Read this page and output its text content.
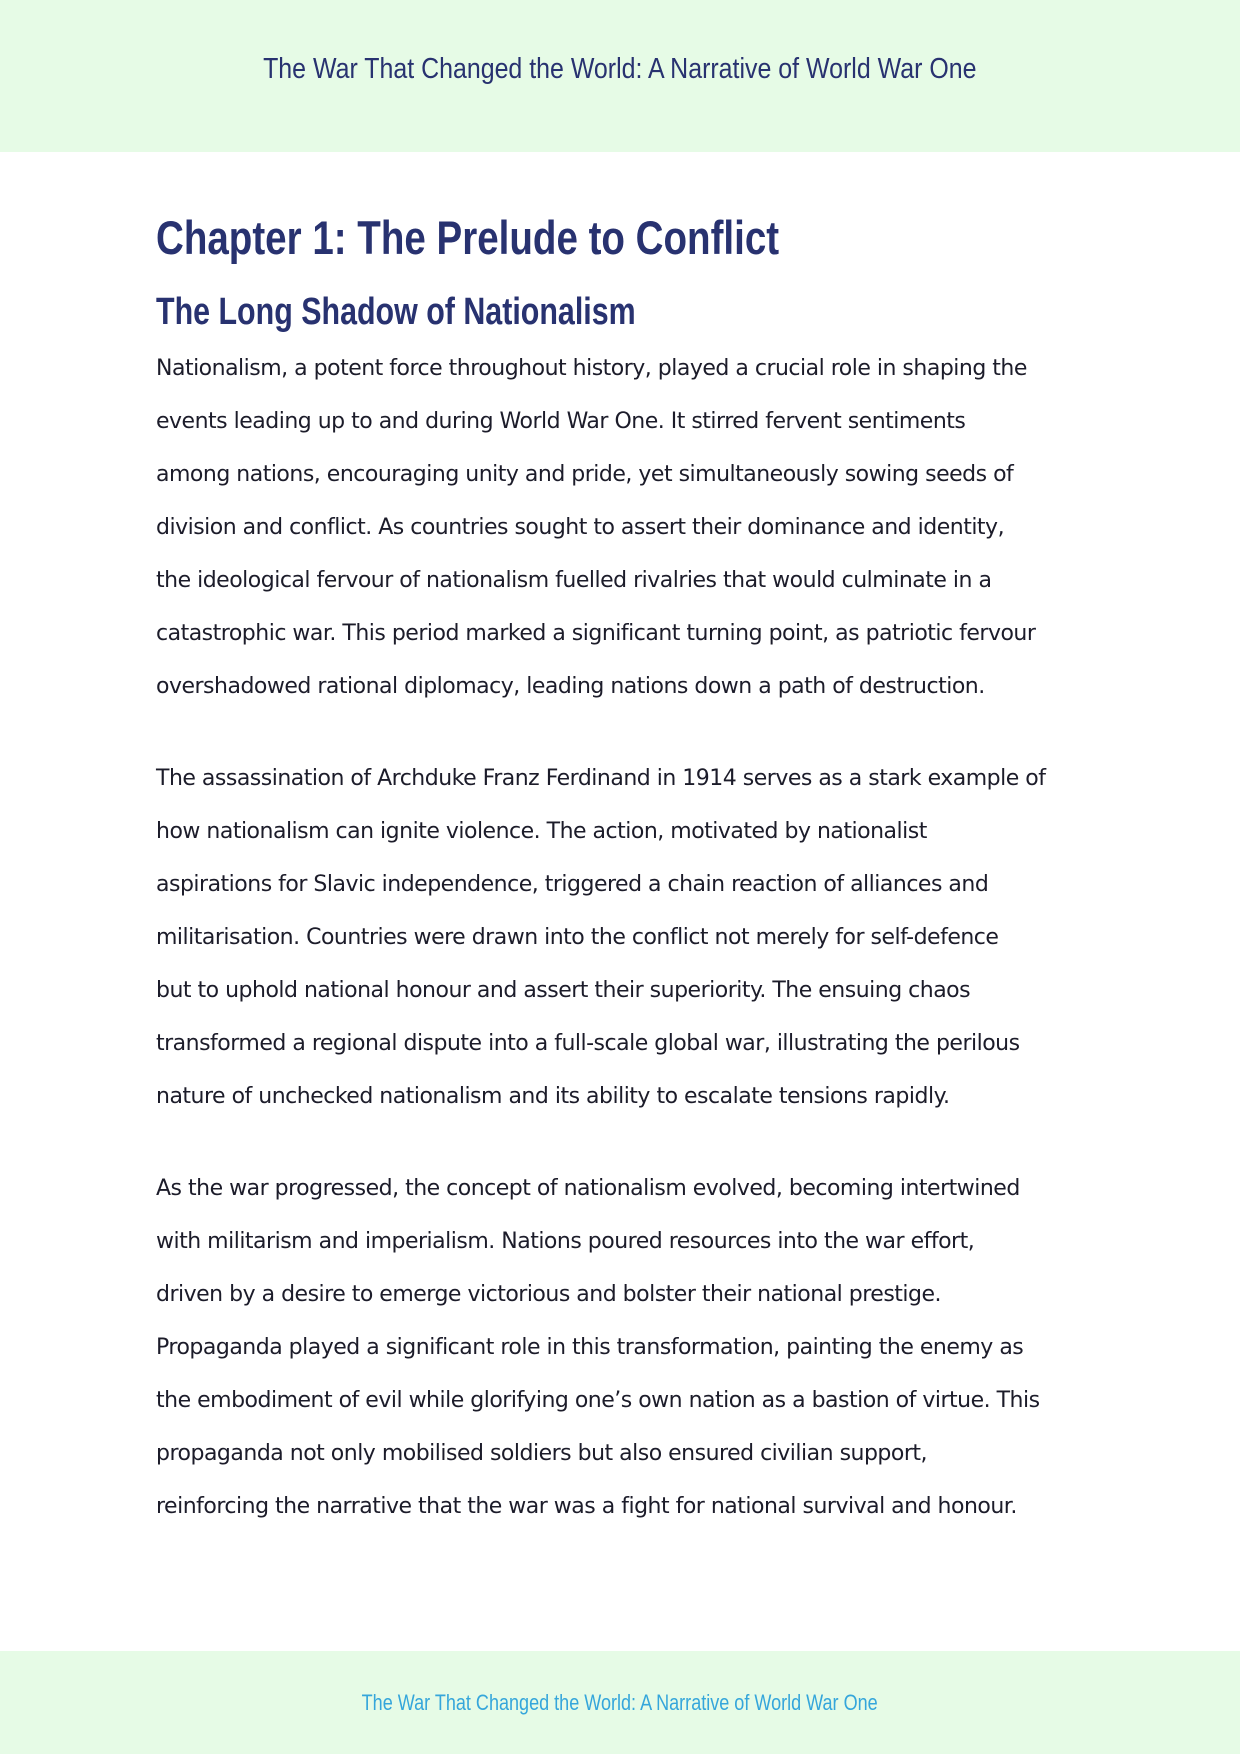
The War That Changed the World: A Narrative of World War One
Chapter 1: The Prelude to Conflict
The Long Shadow of Nationalism

Nationalism, a potent force throughout history, played a crucial role in shaping the
events leading up to and during World War One. It stirred fervent sentiments
among nations, encouraging unity and pride, yet simultaneously sowing seeds of
division and conflict. As countries sought to assert their dominance and identity,
the ideological fervour of nationalism fuelled rivalries that would culminate in a
catastrophic war. This period marked a significant turning point, as patriotic fervour
overshadowed rational diplomacy, leading nations down a path of destruction.

The assassination of Archduke Franz Ferdinand in 1914 serves as a stark example of
how nationalism can ignite violence. The action, motivated by nationalist
aspirations for Slavic independence, triggered a chain reaction of alliances and
militarisation. Countries were drawn into the conflict not merely for self-defence
but to uphold national honour and assert their superiority. The ensuing chaos
transformed a regional dispute into a full-scale global war, illustrating the perilous
nature of unchecked nationalism and its ability to escalate tensions rapidly.

As the war progressed, the concept of nationalism evolved, becoming intertwined
with militarism and imperialism. Nations poured resources into the war effort,
driven by a desire to emerge victorious and bolster their national prestige.
Propaganda played a significant role in this transformation, painting the enemy as
the embodiment of evil while glorifying one’s own nation as a bastion of virtue. This
propaganda not only mobilised soldiers but also ensured civilian support,
reinforcing the narrative that the war was a fight for national survival and honour.

The War That Changed the World: A Narrative of World War One
